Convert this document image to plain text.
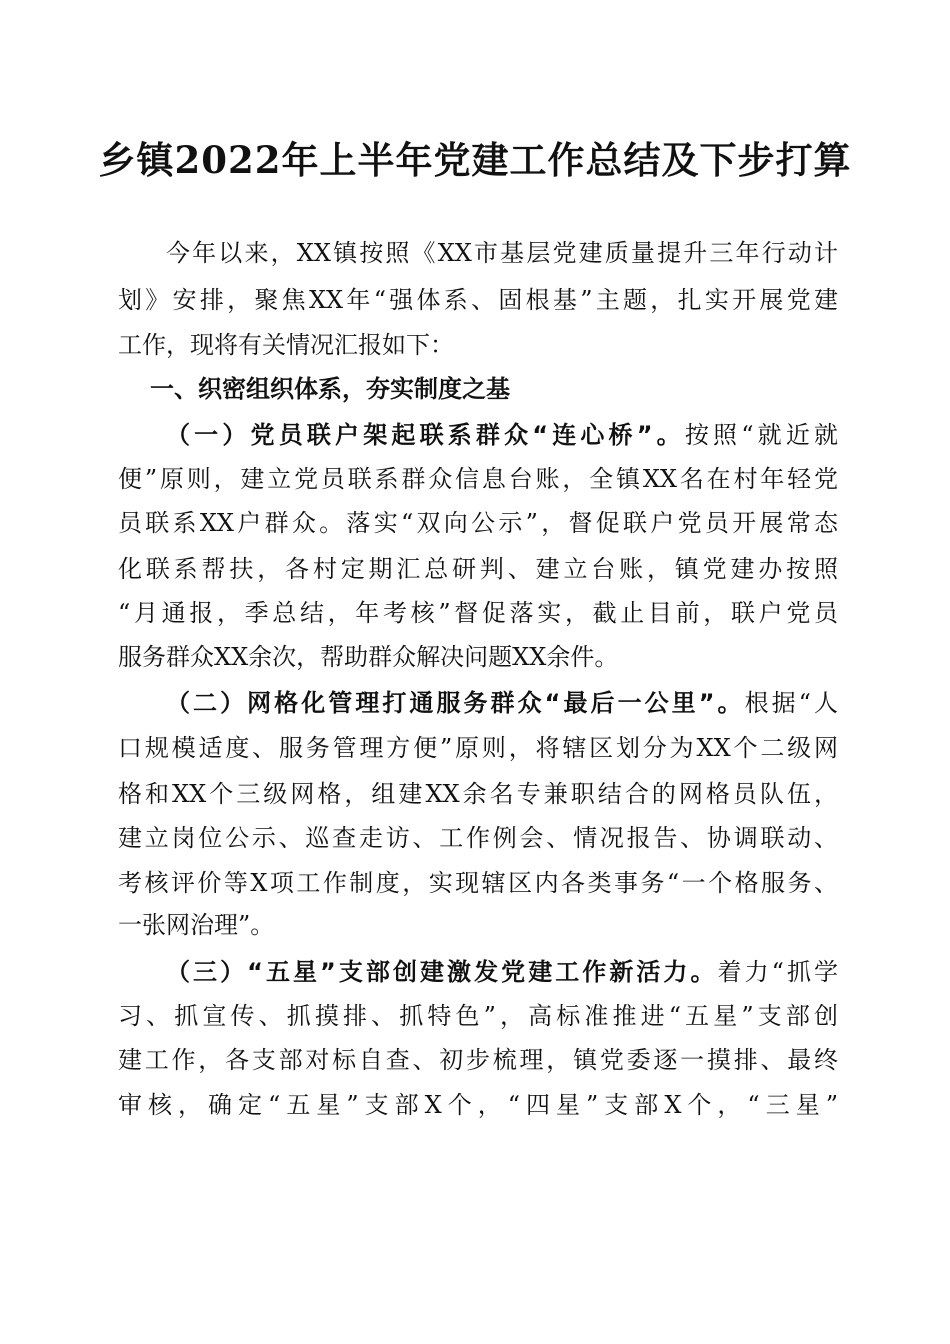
乡镇2022年上半年党建工作总结及下步打算
今年以来，XX镇按照《XX市基层党建质量提升三年行动计
划》安排，聚焦XX年“强体系、固根基”主题，扎实开展党建
工作，现将有关情况汇报如下：
一、织密组织体系，夯实制度之基
（一）党员联户架起联系群众“连心桥”。按照“就近就
便”原则，建立党员联系群众信息台账，全镇XX名在村年轻党
员联系XX户群众。落实“双向公示”，督促联户党员开展常态
化联系帮扶，各村定期汇总研判、建立台账，镇党建办按照
“月通报，季总结，年考核”督促落实，截止目前，联户党员
服务群众XX余次，帮助群众解决问题XX余件。
（二）网格化管理打通服务群众“最后一公里”。根据“人
口规模适度、服务管理方便”原则，将辖区划分为XX个二级网
格和XX个三级网格，组建XX余名专兼职结合的网格员队伍，
建立岗位公示、巡查走访、工作例会、情况报告、协调联动、
考核评价等X项工作制度，实现辖区内各类事务“一个格服务、
一张网治理”。
（三）“五星”支部创建激发党建工作新活力。着力“抓学
习、抓宣传、抓摸排、抓特色”，高标准推进“五星”支部创
建工作，各支部对标自查、初步梳理，镇党委逐一摸排、最终
审核，确定“五星”支部X个，“四星”支部X个，“三星”
